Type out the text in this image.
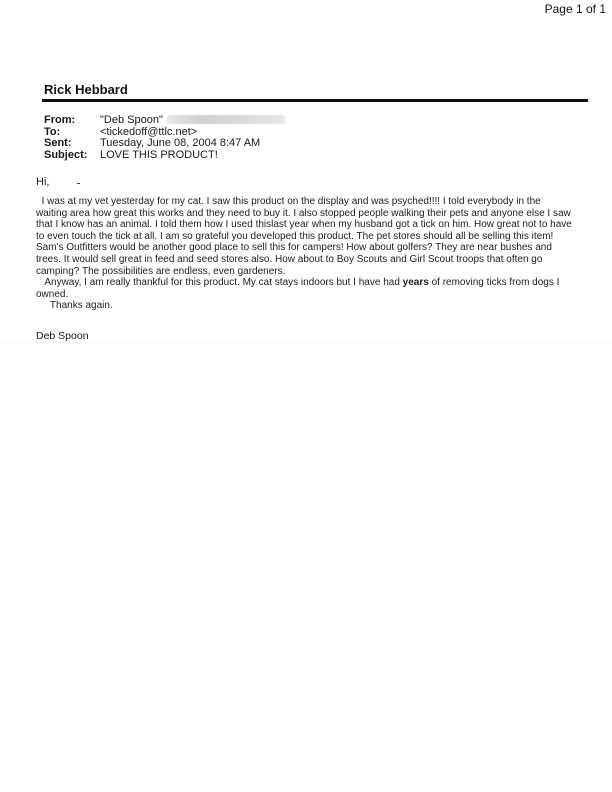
Page 1 of 1
Rick Hebbard
From:	"Deb Spoon"
To:	<tickedoff@ttlc.net>
Sent:	Tuesday, June 08, 2004 8:47 AM
Subject:	LOVE THIS PRODUCT!
Hi,
I was at my vet yesterday for my cat. I saw this product on the display and was psyched!!!! I told everybody in the
waiting area how great this works and they need to buy it. I also stopped people walking their pets and anyone else I saw
that I know has an animal. I told them how I used thislast year when my husband got a tick on him. How great not to have
to even touch the tick at all. I am so grateful you developed this product. The pet stores should all be selling this item!
Sam's Outfitters would be another good place to sell this for campers! How about golfers? They are near bushes and
trees. It would sell great in feed and seed stores also. How about to Boy Scouts and Girl Scout troops that often go
camping? The possibilities are endless, even gardeners.
Anyway, I am really thankful for this product. My cat stays indoors but I have had years of removing ticks from dogs I
owned.
Thanks again.
Deb Spoon
